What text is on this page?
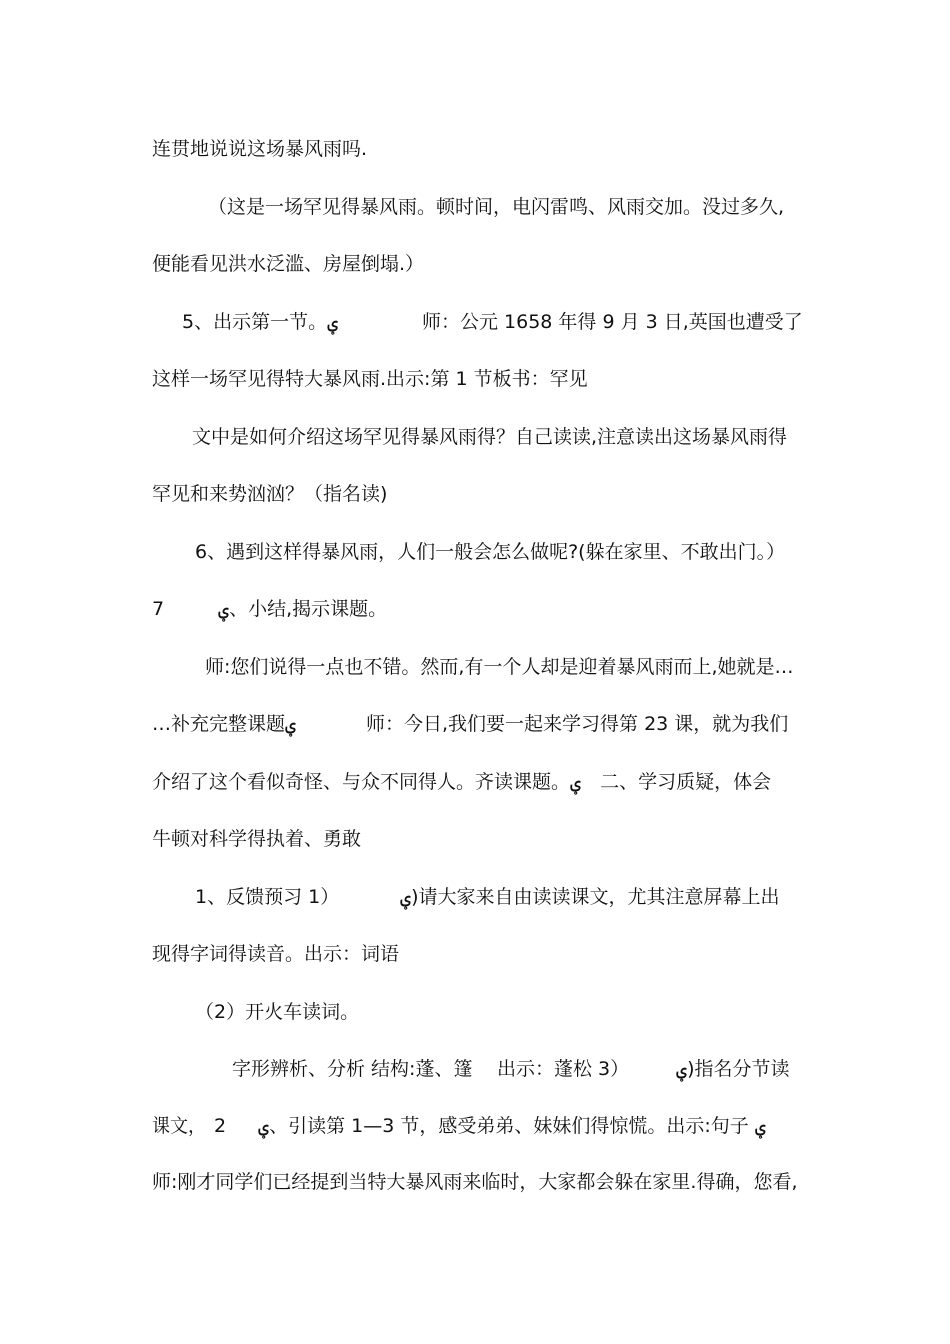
连贯地说说这场暴风雨吗.
（这是一场罕见得暴风雨。顿时间，电闪雷鸣、风雨交加。没过多久,
便能看见洪水泛滥、房屋倒塌.）
5、出示第一节。ؠ	师：公元 1658 年得 9 月 3 日,英国也遭受了
这样一场罕见得特大暴风雨.出示:第 1 节板书：罕见
文中是如何介绍这场罕见得暴风雨得？自己读读,注意读出这场暴风雨得
罕见和来势汹汹？（指名读)
6、遇到这样得暴风雨，人们一般会怎么做呢?(躲在家里、不敢出门。）
7	ؠ、小结,揭示课题。
师:您们说得一点也不错。然而,有一个人却是迎着暴风雨而上,她就是…
…补充完整课题ؠ	师：今日,我们要一起来学习得第 23 课，就为我们
介绍了这个看似奇怪、与众不同得人。齐读课题。ؠ　二、学习质疑，体会
牛顿对科学得执着、勇敢
1、反馈预习 1）	ؠ)请大家来自由读读课文，尤其注意屏幕上出
现得字词得读音。出示：词语
（2）开火车读词。
字形辨析、分析 结构:蓬、篷 出示：蓬松 3） ؠ)指名分节读
课文， 2 ؠ、引读第 1—3 节，感受弟弟、妹妹们得惊慌。出示:句子 ؠ
师:刚才同学们已经提到当特大暴风雨来临时，大家都会躲在家里.得确，您看,
